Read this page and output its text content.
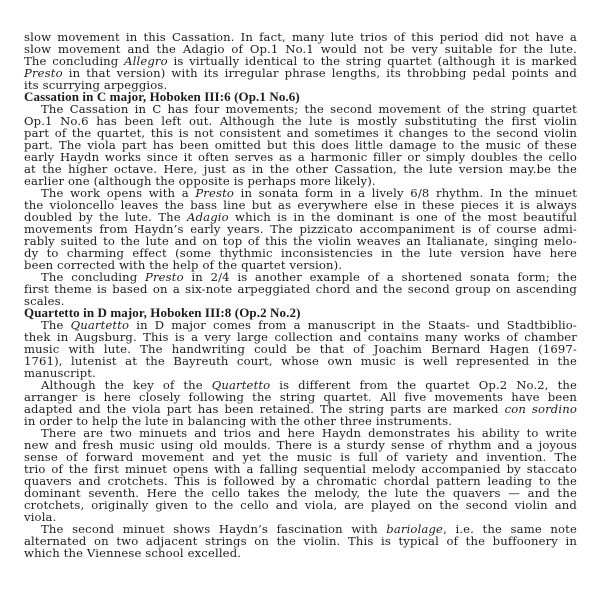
slow movement in this Cassation. In fact, many lute trios of this period did not have a
slow movement and the Adagio of Op.1 No.1 would not be very suitable for the lute.
The concluding Allegro is virtually identical to the string quartet (although it is marked
Presto in that version) with its irregular phrase lengths, its throbbing pedal points and
its scurrying arpeggios.

Cassation in C major, Hoboken III:6 (Op.1 No.6)

The Cassation in C has four movements; the second movement of the string quartet
Op.1 No.6 has been left out. Although the lute is mostly substituting the first violin
part of the quartet, this is not consistent and sometimes it changes to the second violin
part. The viola part has been omitted but this does little damage to the music of these
early Haydn works since it often serves as a harmonic filler or simply doubles the cello
at the higher octave. Here, just as in the other Cassation, the lute version may.be the
earlier one (although the opposite is perhaps more likely).

The work opens with a Presto in sonata form in a lively 6/8 rhythm. In the minuet
the violoncello leaves the bass line but as everywhere else in these pieces it is always
doubled by the lute. The Adagio which is in the dominant is one of the most beautiful
movements from Haydn’s early years. The pizzicato accompaniment is of course admi-
rably suited to the lute and on top of this the violin weaves an Italianate, singing melo-
dy to charming effect (some thythmic inconsistencies in the lute version have here
been corrected with the help of the quartet version).

The concluding Presto in 2/4 is another example of a shortened sonata form; the
first theme is based on a six-note arpeggiated chord and the second group on ascending
scales.

Quartetto in D major, Hoboken III:8 (Op.2 No.2)

The Quartetto in D major comes from a manuscript in the Staats- und Stadtbiblio-
thek in Augsburg. This is a very large collection and contains many works of chamber
music with lute. The handwriting could be that of Joachim Bernard Hagen (1697-
1761), lutenist at the Bayreuth court, whose own music is well represented in the
manuscript.

Although the key of the Quartetto is different from the quartet Op.2 No.2, the
arranger is here closely following the string quartet. All five movements have been
adapted and the viola part has been retained. The string parts are marked con sordino
in order to help the lute in balancing with the other three instruments.

There are two minuets and trios and here Haydn demonstrates his ability to write
new and fresh music using old moulds. There is a sturdy sense of rhythm and a joyous
sense of forward movement and yet the music is full of variety and invention. The
trio of the first minuet opens with a falling sequential melody accompanied by staccato
quavers and crotchets. This is followed by a chromatic chordal pattern leading to the
dominant seventh. Here the cello takes the melody, the lute the quavers — and the
crotchets, originally given to the cello and viola, are played on the second violin and
viola.

The second minuet shows Haydn’s fascination with bariolage, i.e. the same note
alternated on two adjacent strings on the violin. This is typical of the buffoonery in
which the Viennese school excelled.
